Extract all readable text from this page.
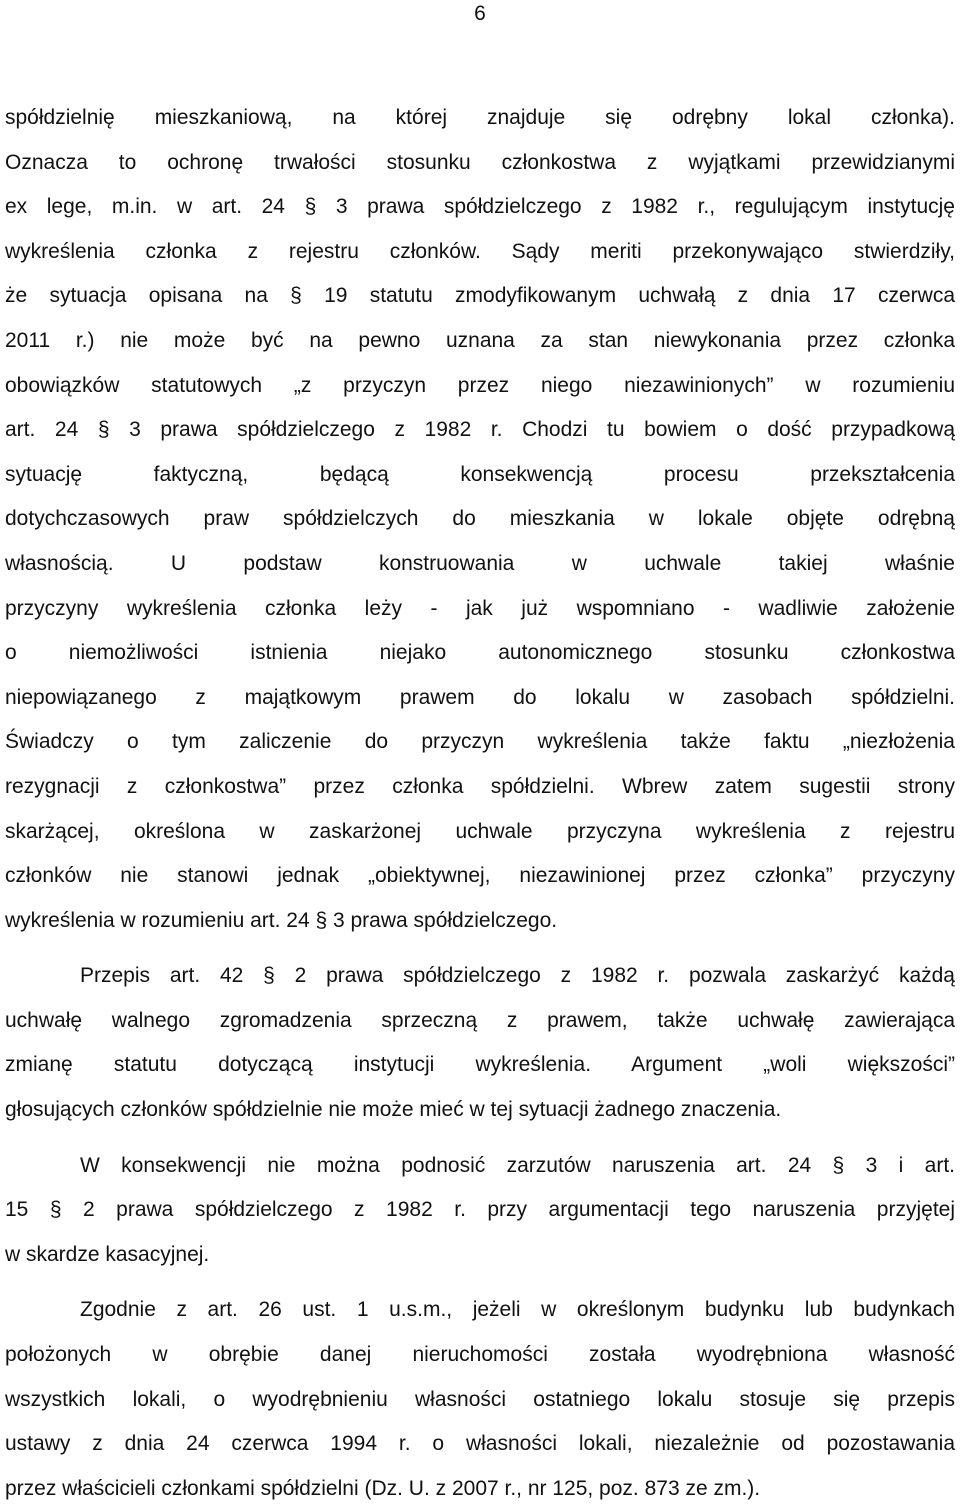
6
spółdzielnię mieszkaniową, na której znajduje się odrębny lokal członka).
Oznacza to ochronę trwałości stosunku członkostwa z wyjątkami przewidzianymi
ex lege, m.in. w art. 24 § 3 prawa spółdzielczego z 1982 r., regulującym instytucję
wykreślenia członka z rejestru członków. Sądy meriti przekonywająco stwierdziły,
że sytuacja opisana na § 19 statutu zmodyfikowanym uchwałą z dnia 17 czerwca
2011 r.) nie może być na pewno uznana za stan niewykonania przez członka
obowiązków statutowych „z przyczyn przez niego niezawinionych” w rozumieniu
art. 24 § 3 prawa spółdzielczego z 1982 r. Chodzi tu bowiem o dość przypadkową
sytuację faktyczną, będącą konsekwencją procesu przekształcenia
dotychczasowych praw spółdzielczych do mieszkania w lokale objęte odrębną
własnością. U podstaw konstruowania w uchwale takiej właśnie
przyczyny wykreślenia członka leży - jak już wspomniano - wadliwie założenie
o niemożliwości istnienia niejako autonomicznego stosunku członkostwa
niepowiązanego z majątkowym prawem do lokalu w zasobach spółdzielni.
Świadczy o tym zaliczenie do przyczyn wykreślenia także faktu „niezłożenia
rezygnacji z członkostwa” przez członka spółdzielni. Wbrew zatem sugestii strony
skarżącej, określona w zaskarżonej uchwale przyczyna wykreślenia z rejestru
członków nie stanowi jednak „obiektywnej, niezawinionej przez członka” przyczyny
wykreślenia w rozumieniu art. 24 § 3 prawa spółdzielczego.
Przepis art. 42 § 2 prawa spółdzielczego z 1982 r. pozwala zaskarżyć każdą
uchwałę walnego zgromadzenia sprzeczną z prawem, także uchwałę zawierająca
zmianę statutu dotyczącą instytucji wykreślenia. Argument „woli większości”
głosujących członków spółdzielnie nie może mieć w tej sytuacji żadnego znaczenia.
W konsekwencji nie można podnosić zarzutów naruszenia art. 24 § 3 i art.
15 § 2 prawa spółdzielczego z 1982 r. przy argumentacji tego naruszenia przyjętej
w skardze kasacyjnej.
Zgodnie z art. 26 ust. 1 u.s.m., jeżeli w określonym budynku lub budynkach
położonych w obrębie danej nieruchomości została wyodrębniona własność
wszystkich lokali, o wyodrębnieniu własności ostatniego lokalu stosuje się przepis
ustawy z dnia 24 czerwca 1994 r. o własności lokali, niezależnie od pozostawania
przez właścicieli członkami spółdzielni (Dz. U. z 2007 r., nr 125, poz. 873 ze zm.).
